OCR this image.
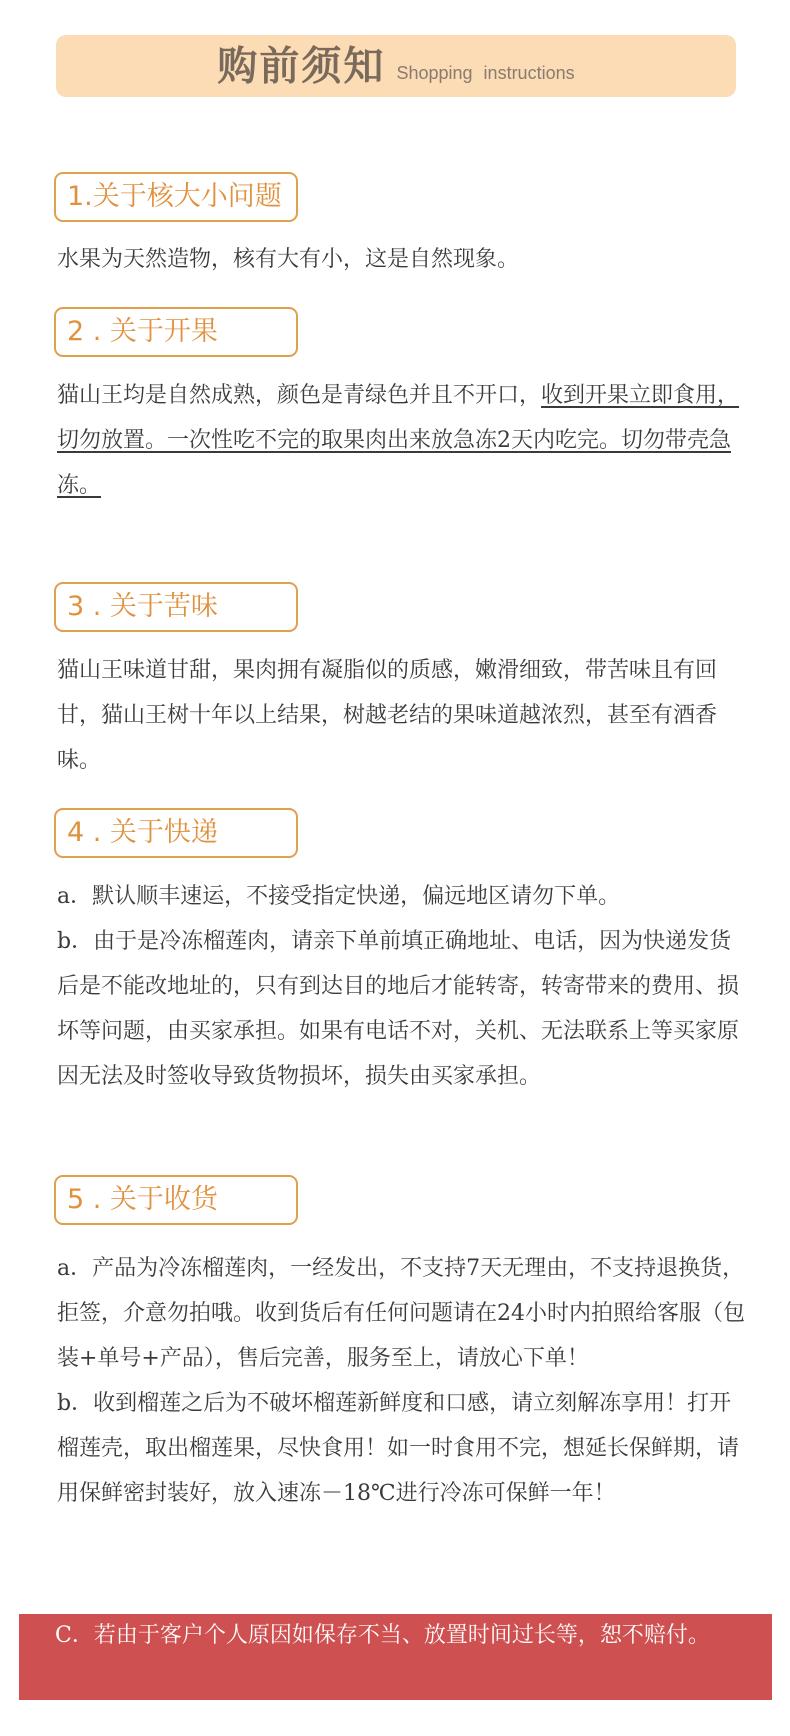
购前须知 Shopping instructions
1.关于核大小问题

水果为天然造物，核有大有小，这是自然现象。

2 . 关于开果

猫山王均是自然成熟，颜色是青绿色并且不开口，收到开果立即食用，切勿放置。一次性吃不完的取果肉出来放急冻2天内吃完。切勿带壳急冻。

3 . 关于苦味

猫山王味道甘甜，果肉拥有凝脂似的质感，嫩滑细致，带苦味且有回甘，猫山王树十年以上结果，树越老结的果味道越浓烈，甚至有酒香味。

4 . 关于快递

a．默认顺丰速运，不接受指定快递，偏远地区请勿下单。

b．由于是冷冻榴莲肉，请亲下单前填正确地址、电话，因为快递发货后是不能改地址的，只有到达目的地后才能转寄，转寄带来的费用、损坏等问题，由买家承担。如果有电话不对，关机、无法联系上等买家原因无法及时签收导致货物损坏，损失由买家承担。

5 . 关于收货

a．产品为冷冻榴莲肉，一经发出，不支持7天无理由，不支持退换货，拒签，介意勿拍哦。收到货后有任何问题请在24小时内拍照给客服（包装+单号+产品），售后完善，服务至上，请放心下单！

b．收到榴莲之后为不破坏榴莲新鲜度和口感，请立刻解冻享用！打开榴莲壳，取出榴莲果，尽快食用！如一时食用不完，想延长保鲜期，请用保鲜密封装好，放入速冻－18℃进行冷冻可保鲜一年！

C．若由于客户个人原因如保存不当、放置时间过长等，恕不赔付。
